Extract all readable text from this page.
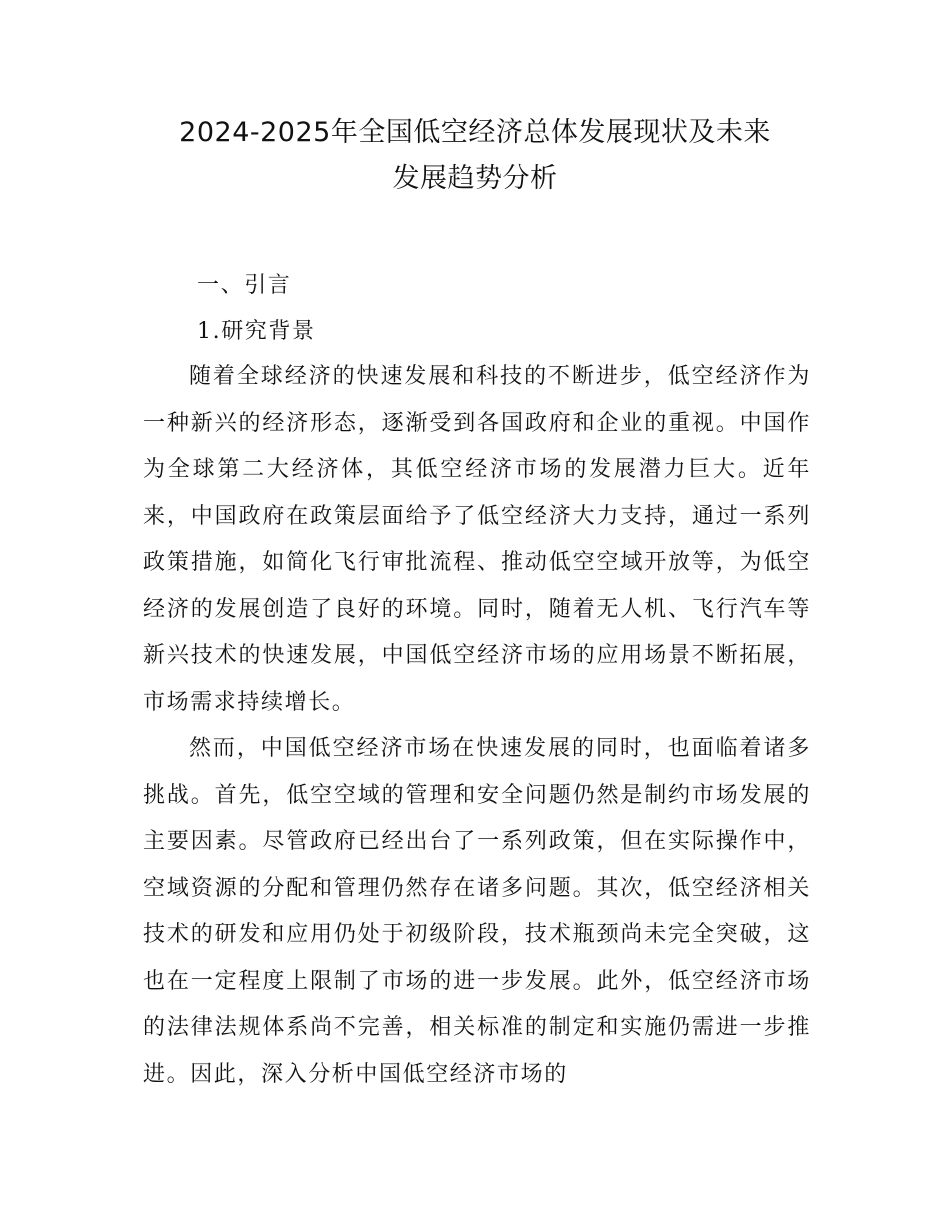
2024-2025年全国低空经济总体发展现状及未来
发展趋势分析
一、引言
1.研究背景

随着全球经济的快速发展和科技的不断进步，低空经济作为一种新兴的经济形态，逐渐受到各国政府和企业的重视。中国作为全球第二大经济体，其低空经济市场的发展潜力巨大。近年来，中国政府在政策层面给予了低空经济大力支持，通过一系列政策措施，如简化飞行审批流程、推动低空空域开放等，为低空经济的发展创造了良好的环境。同时，随着无人机、飞行汽车等新兴技术的快速发展，中国低空经济市场的应用场景不断拓展，市场需求持续增长。

然而，中国低空经济市场在快速发展的同时，也面临着诸多挑战。首先，低空空域的管理和安全问题仍然是制约市场发展的主要因素。尽管政府已经出台了一系列政策，但在实际操作中，空域资源的分配和管理仍然存在诸多问题。其次，低空经济相关技术的研发和应用仍处于初级阶段，技术瓶颈尚未完全突破，这也在一定程度上限制了市场的进一步发展。此外，低空经济市场的法律法规体系尚不完善，相关标准的制定和实施仍需进一步推进。因此，深入分析中国低空经济市场的
